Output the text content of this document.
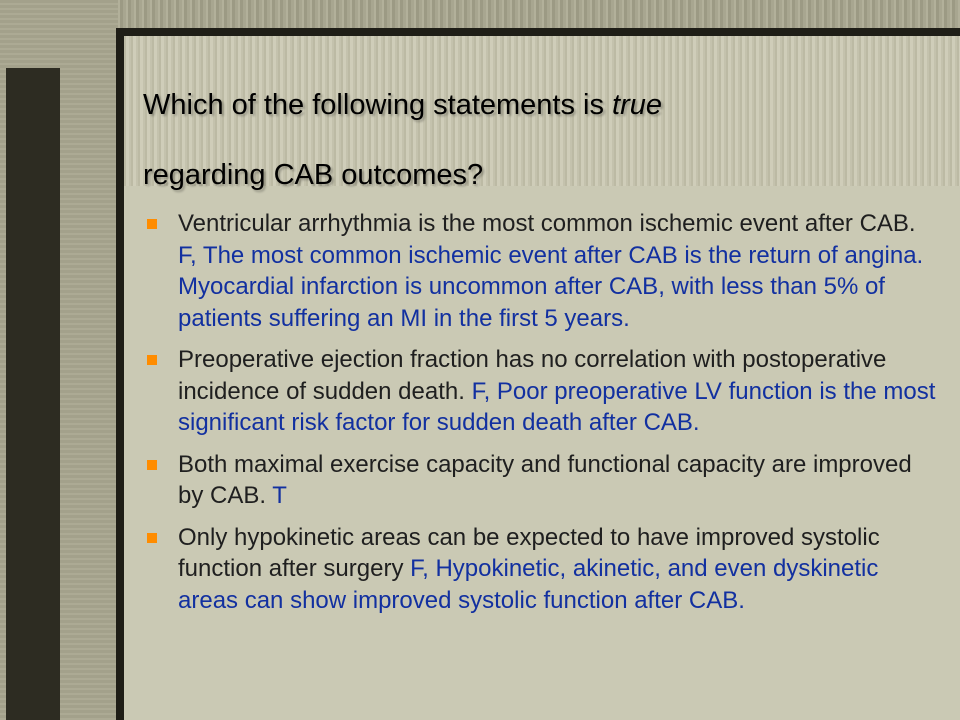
Which of the following statements is true
regarding CAB outcomes?
Ventricular arrhythmia is the most common ischemic event after CAB. F, The most common ischemic event after CAB is the return of angina. Myocardial infarction is uncommon after CAB, with less than 5% of patients suffering an MI in the first 5 years.
Preoperative ejection fraction has no correlation with postoperative incidence of sudden death. F, Poor preoperative LV function is the most significant risk factor for sudden death after CAB.
Both maximal exercise capacity and functional capacity are improved by CAB. T
Only hypokinetic areas can be expected to have improved systolic function after surgery F, Hypokinetic, akinetic, and even dyskinetic areas can show improved systolic function after CAB.
